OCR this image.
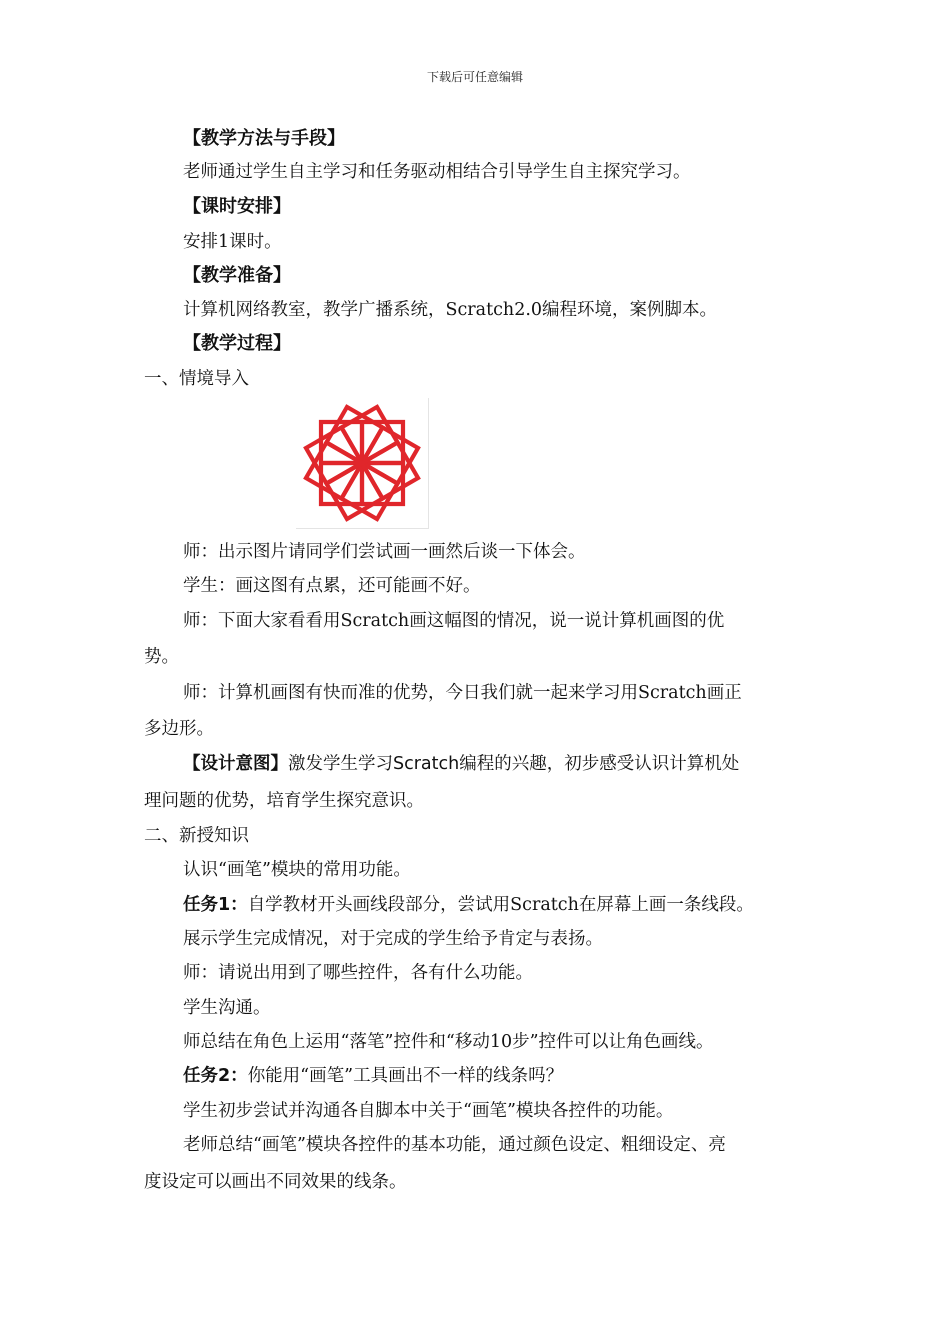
下载后可任意编辑
【教学方法与手段】
老师通过学生自主学习和任务驱动相结合引导学生自主探究学习。
【课时安排】
安排1课时。
【教学准备】
计算机网络教室，教学广播系统，Scratch2.0编程环境，案例脚本。
【教学过程】
一、情境导入
师：出示图片请同学们尝试画一画然后谈一下体会。
学生：画这图有点累，还可能画不好。
师：下面大家看看用Scratch画这幅图的情况，说一说计算机画图的优
势。
师：计算机画图有快而准的优势，今日我们就一起来学习用Scratch画正
多边形。
【设计意图】激发学生学习Scratch编程的兴趣，初步感受认识计算机处
理问题的优势，培育学生探究意识。
二、新授知识
认识“画笔”模块的常用功能。
任务1：自学教材开头画线段部分，尝试用Scratch在屏幕上画一条线段。
展示学生完成情况，对于完成的学生给予肯定与表扬。
师：请说出用到了哪些控件，各有什么功能。
学生沟通。
师总结在角色上运用“落笔”控件和“移动10步”控件可以让角色画线。
任务2：你能用“画笔”工具画出不一样的线条吗？
学生初步尝试并沟通各自脚本中关于“画笔”模块各控件的功能。
老师总结“画笔”模块各控件的基本功能，通过颜色设定、粗细设定、亮
度设定可以画出不同效果的线条。
